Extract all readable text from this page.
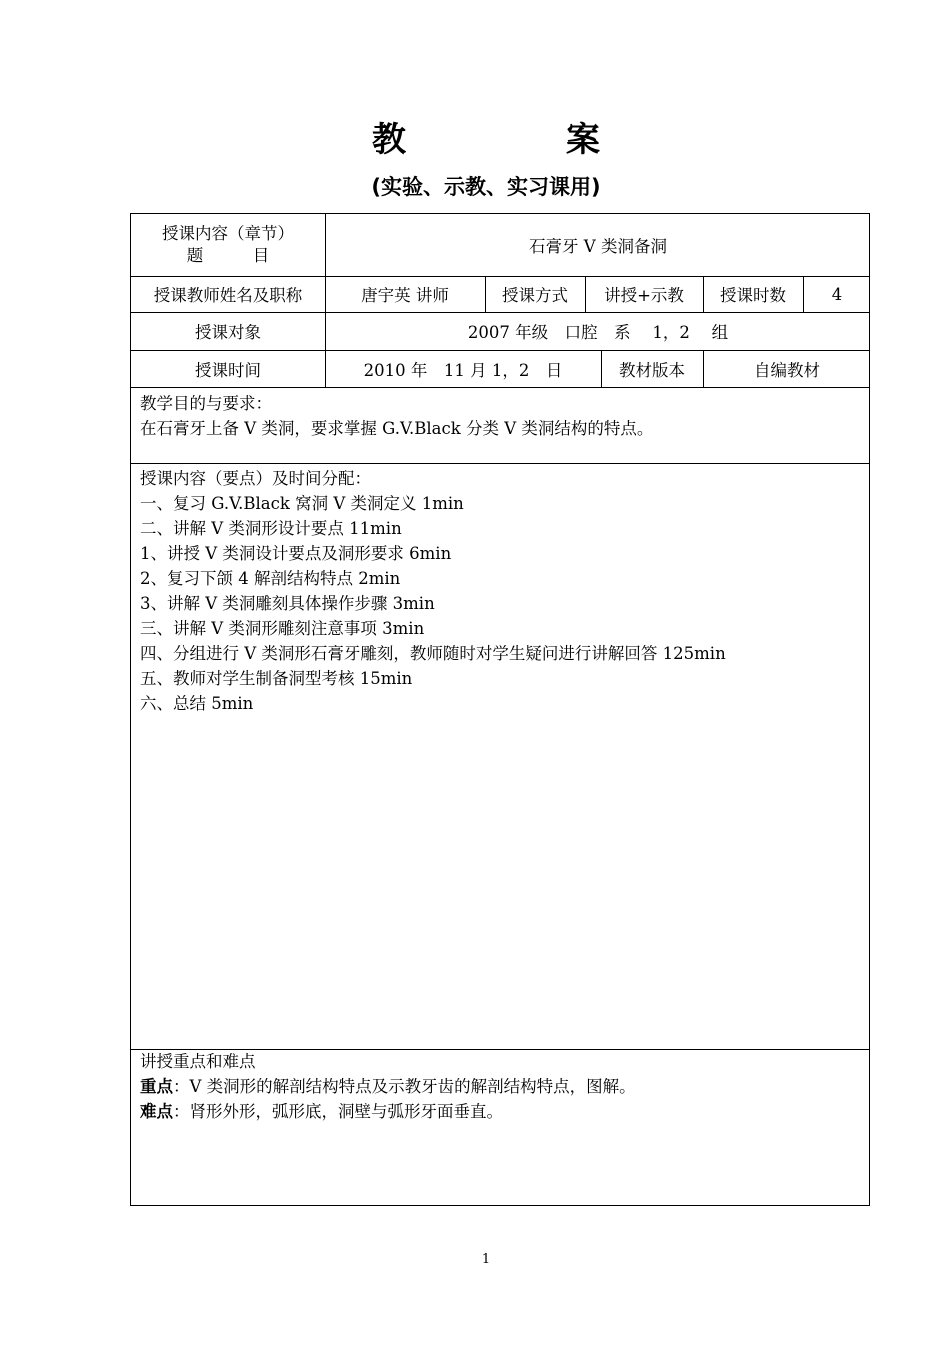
教	案
(实验、示教、实习课用)
授课内容（章节）
题　　　目	石膏牙 V 类洞备洞
授课教师姓名及职称	唐宇英 讲师	授课方式	讲授+示教	授课时数	4
授课对象	2007 年级　口腔　系　 1，2　 组
授课时间	2010 年　11 月 1，2　日	教材版本	自编教材
教学目的与要求：
在石膏牙上备 V 类洞，要求掌握 G.V.Black 分类 V 类洞结构的特点。
授课内容（要点）及时间分配：
一、复习 G.V.Black 窝洞 V 类洞定义 1min
二、讲解 V 类洞形设计要点 11min
1、讲授 V 类洞设计要点及洞形要求 6min
2、复习下颌 4 解剖结构特点 2min
3、讲解 V 类洞雕刻具体操作步骤 3min
三、讲解 V 类洞形雕刻注意事项 3min
四、分组进行 V 类洞形石膏牙雕刻，教师随时对学生疑问进行讲解回答 125min
五、教师对学生制备洞型考核 15min
六、总结 5min
讲授重点和难点
重点：V 类洞形的解剖结构特点及示教牙齿的解剖结构特点，图解。
难点：肾形外形，弧形底，洞壁与弧形牙面垂直。
1
